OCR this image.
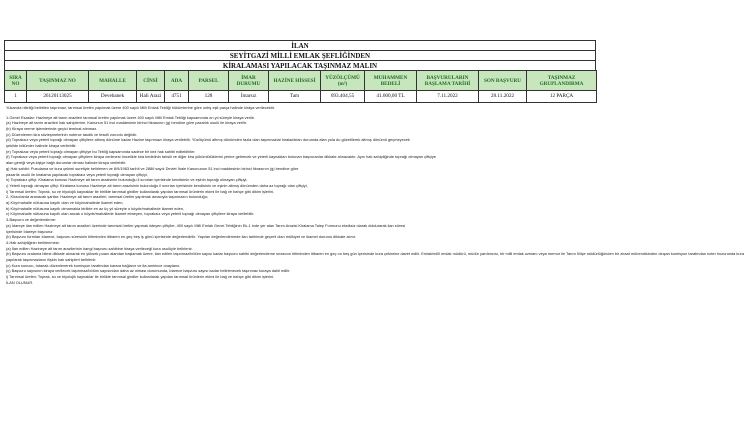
İLAN
SEYİTGAZİ MİLLİ EMLAK ŞEFLİĞİNDEN
KİRALAMASI YAPILACAK TAŞINMAZ MALIN
SIRA NO	TAŞINMAZ NO	MAHALLE	CİNSİ	ADA	PARSEL	İMAR DURUMU	HAZİNE HİSSESİ	YÜZÖLÇÜMÜ (m²)	MUHAMMEN BEDELİ	BAŞVURULARIN BAŞLAMA TARİHİ	SON BAŞVURU	TAŞINMAZ GRUPLANDIRMA
1	26120113025	Devebanek	Hali Arazi	4751	128	İmarsız	Tam	693.404,55	41.600,00 TL	7.11.2022	28.11.2022	12 PARÇA

Yukarıda niteliği belirtilen taşınmaz, tarımsal üretim yapılmak üzere 400 sayılı Milli Emlak Tebliği hükümlerine göre onbş eşit parça halinde kiraya verilecektir.

1-Genel Esaslar: Hazineye ait tarım arazileri tarımsal üretim yapılmak üzere 400 sayılı Milli Emlak Tebliği kapsamında on yıl süreyle kiraya verilir.

(a) Hazineye ait tarım arazileri hak sahiplerine, Kanunun 51 inci maddesinin birinci fıkrasının (g) bendine göre pazarlık usulü ile kiraya verilir.

(b) Kiraya verme işlemlerinde geçici teminat alınmaz.

(c) Düzenlenen kira sözleşmelerinin noterce tasdik ve tescili zorunlu değildir.

(d) Topraksız veya yeterli toprağı olmayan çiftçilere altmış dönüme kadar Hazine taşınmazı kiraya verilebilir. Yüzölçümü altmış dönümden fazla olan taşınmazlar kiraladıkları durumda alan yola du gözetilerek altmış dönümü geçmeyecek

şekilde bölümler halinde kiraya verilebilir.

(e) Toprakaız veya yeterli toprağı olmayan çiftçiye bu Tebliğ kapsamında sadece bir kez hak sahibi edilebilirler.

(f) Toprakaız veya yeterli toprağı olmayan çiftçilere kiraya verilmesi öncelikle kira bedelinin tahsili ve diğer kira yükümlülüklerini yerine getirecek ve yeterli kaynakları bulunan başvuranlar dikkate alınacaktır. Aynı hak sahipliğinde toprağı olmayan çiftçiye

alan gereği veya kişiye bağlı durumlar olması halinde kiraya verilebilir.

g) Hak sahibi: Pusulama ve kura çekimi suretiyle belirlenen ve 8/9/1983 tarihli ve 2886 sayılı Devlet İhale Kanununun 51 inci maddesinin birinci fıkrasının (g) bendine göre

pazarlık usulü ile kiralama yapılacak toprakaız veya yeterli toprağı olmayan çiftçiyi,

h) Toprakaız çiftçi: Kiralama konusu Hazineye ait tarım arazisinin bulunduğu il sınırları içerisinde kendisinin ve eşinin toprağı olmayan çiftçiyi,

ı) Yeterli toprağı olmayan çiftçi: Kiralama konusu Hazineye ait tarım arazisinin bulunduğu il sınırları içerisinde kendisinin ve eşinin altmış dönümden daha az toprağı olan çiftçiyi,

i) Tarımsal üretim: Toprak, su ve biyolojik kaynaklar ile birlikte tarımsal girdiler kullanılarak yapılan tarımsal ürünlerin ekimi ile bağ ve bahçe gibi dikim işlerini,

2- Kiracılarda aranacak şartlar: Hazineye ait tarım arazileri, tarımsal üretim yapılmak amacıyla taşınmazın bulunduğu;

a) Köy/mahalle nüfusuna kayıtlı olan ve köy/mahallede ikamet eden,

b) Köy/mahalle nüfusuna kayıtlı olmamakla birlikte en az üç yıl süreyle o köyde/mahallede ikamet eden,

c) Köy/mahalle nüfusuna kayıtlı olan ancak o köyde/mahallede ikamet etmeyen, toprakaız veya yeterli toprağı olmayan çiftçilere kiraya verilebilir.

3-Başvuru ve değerlendirme:

(a) İdareye ilan edilen Hazineye ait tarım arazileri üzerinde tarımsal üretim yapmak isteyen çiftçiler, 400 sayılı Milli Emlak Genel Tebliğinin Ek-1 inde yer alan Tarım Arazisi Kiralama Talep Formunu eksiksiz olarak doldurarak ilan süresi

içerisinde İdareye başvurur.

(b) Başvuru formları İdarece, başvuru süresinin bitiminden itibaren en geç beş iş günü içerisinde değerlendirilir. Yapılan değerlendirmede ilan tarihinde geçerli olan mülkiyet ve ikamet durumu dikkate alınır.

4-Hak sahipliğinin belirlenmesi:

(a) İlan edilen Hazineye ait tarım arazilerinin hangi başvuru sahibine kiraya verileceği kura usulüyle belirlenir.

(b) Başvuru oralama bitesi dikkate alınarak en yüksek puanı alandan başlamak üzere, ilan edilen taşınmaz/bölüm sayısı kadar başvuru sahibi değerlendirme sırasının bitiminden itibaren en geç on beş gün içerisinde kura çekimine davet edilir. Emlak/millî emlak müdürü, müdür yardımcısı, bir milli emlak uzmanı veya memur ile Tarım İl/ilçe müdürlüğünden bir ziraat mühendisinden oluşan komisyon tarafından noter huzurunda kura

yapılarak taşınmazların ilişkin hak sahipleri belirlenir.

(c) Kura sonucu, tutanak düzenlenerek komisyon tarafından karara bağlanır ve ita amirince onaylanır.

(ç) Başvuru sayısının kiraya verilecek taşınmaz/bölüm sayısından daha az olması durumunda, İdarece başvuru sayısı kadar belirlenecek taşınmaz kuraya dahil edilir.

i) Tarımsal üretim: Toprak, su ve biyolojik kaynaklar ile birlikte tarımsal girdiler kullanılarak yapılan tarımsal ürünlerin ekimi ile bağ ve bahçe gibi dikim işlerini.

İLAN OLUNUR.
